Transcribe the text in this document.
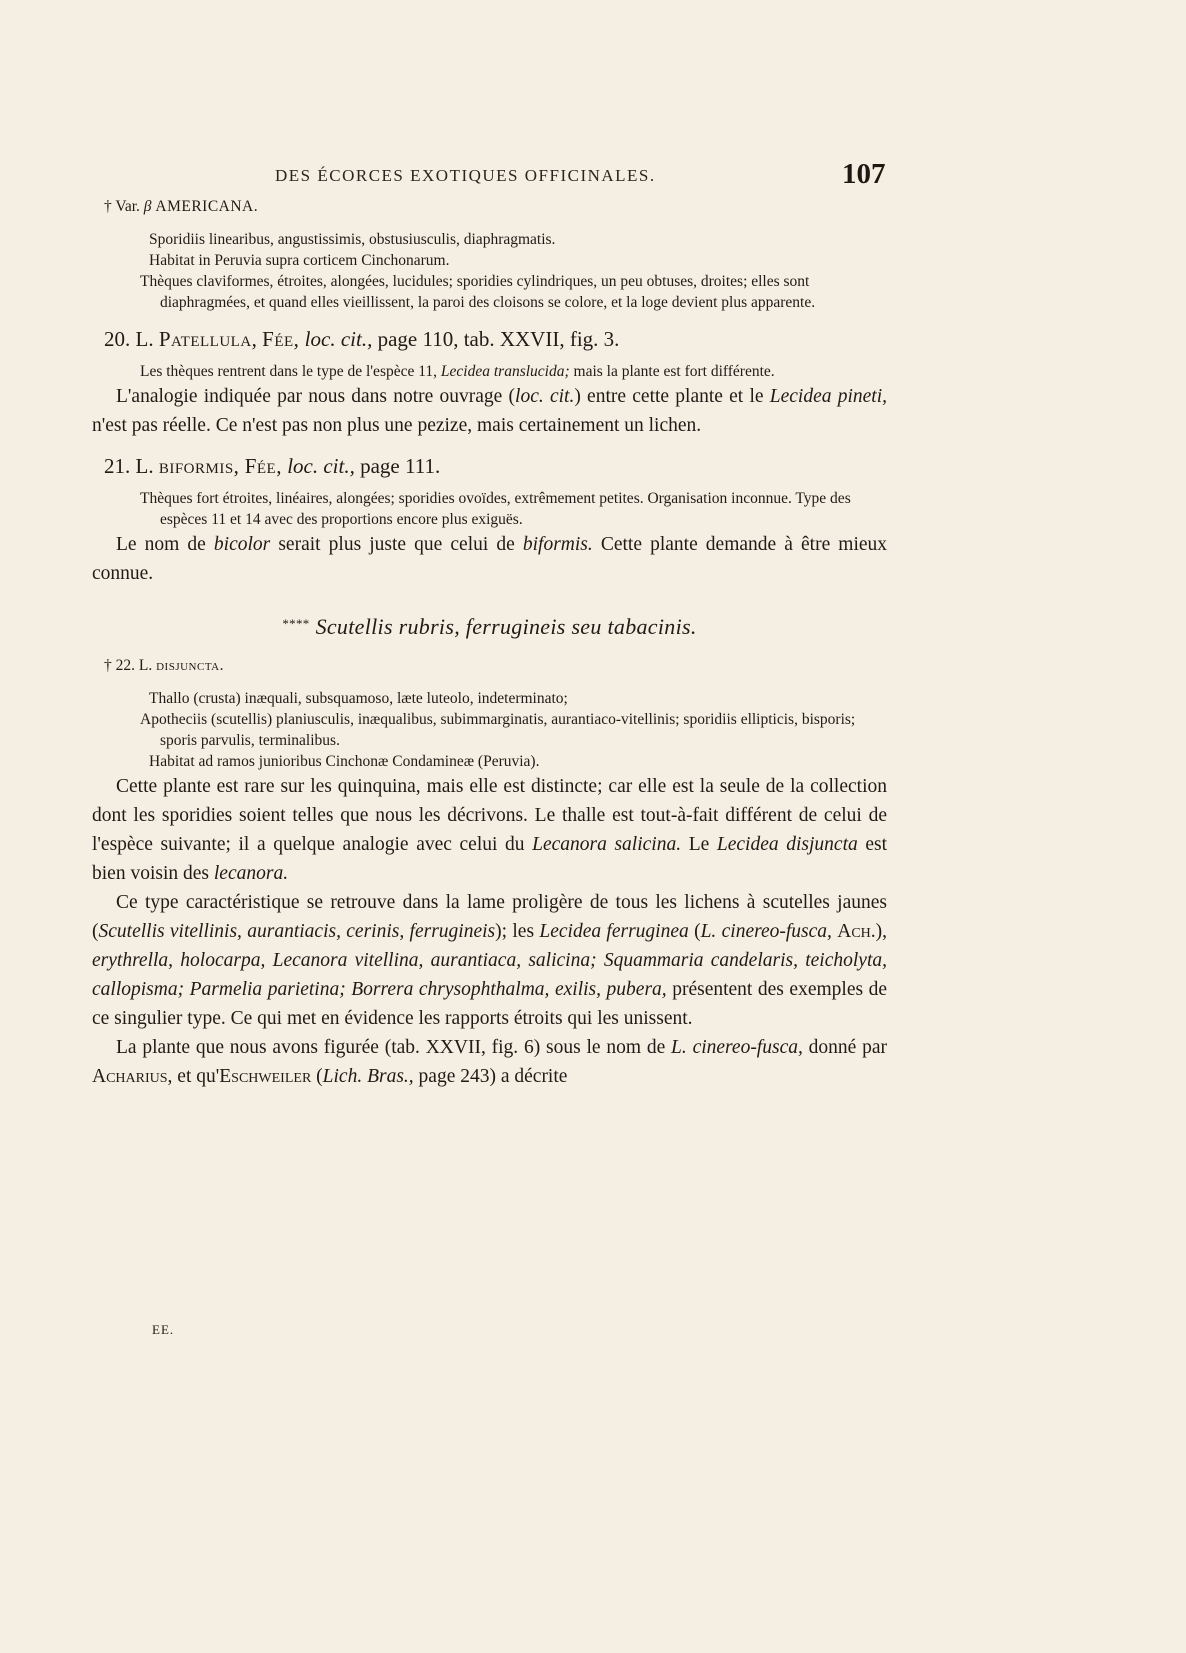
DES ÉCORCES EXOTIQUES OFFICINALES.	107

† Var. β AMERICANA.

Sporidiis linearibus, angustissimis, obstusiusculis, diaphragmatis.

Habitat in Peruvia supra corticem Cinchonarum.

Thèques claviformes, étroites, alongées, lucidules; sporidies cylindriques, un peu obtuses, droites; elles sont diaphragmées, et quand elles vieillissent, la paroi des cloisons se colore, et la loge devient plus apparente.

20. L. Patellula, Fée, loc. cit., page 110, tab. XXVII, fig. 3.

Les thèques rentrent dans le type de l'espèce 11, Lecidea translucida; mais la plante est fort différente.

L'analogie indiquée par nous dans notre ouvrage (loc. cit.) entre cette plante et le Lecidea pineti, n'est pas réelle. Ce n'est pas non plus une pezize, mais certainement un lichen.

21. L. biformis, Fée, loc. cit., page 111.

Thèques fort étroites, linéaires, alongées; sporidies ovoïdes, extrêmement petites. Organisation inconnue. Type des espèces 11 et 14 avec des proportions encore plus exiguës.

Le nom de bicolor serait plus juste que celui de biformis. Cette plante demande à être mieux connue.

**** Scutellis rubris, ferrugineis seu tabacinis.

† 22. L. disjuncta.

Thallo (crusta) inæquali, subsquamoso, læte luteolo, indeterminato;

Apotheciis (scutellis) planiusculis, inæqualibus, subimmarginatis, aurantiaco-vitellinis; sporidiis ellipticis, bisporis; sporis parvulis, terminalibus.

Habitat ad ramos junioribus Cinchonæ Condamineæ (Peruvia).

Cette plante est rare sur les quinquina, mais elle est distincte; car elle est la seule de la collection dont les sporidies soient telles que nous les décrivons. Le thalle est tout-à-fait différent de celui de l'espèce suivante; il a quelque analogie avec celui du Lecanora salicina. Le Lecidea disjuncta est bien voisin des lecanora.

Ce type caractéristique se retrouve dans la lame proligère de tous les lichens à scutelles jaunes (Scutellis vitellinis, aurantiacis, cerinis, ferrugineis); les Lecidea ferruginea (L. cinereo-fusca, Ach.), erythrella, holocarpa, Lecanora vitellina, aurantiaca, salicina; Squammaria candelaris, teicholyta, callopisma; Parmelia parietina; Borrera chrysophthalma, exilis, pubera, présentent des exemples de ce singulier type. Ce qui met en évidence les rapports étroits qui les unissent.

La plante que nous avons figurée (tab. XXVII, fig. 6) sous le nom de L. cinereo-fusca, donné par Acharius, et qu'Eschweiler (Lich. Bras., page 243) a décrite

EE.
